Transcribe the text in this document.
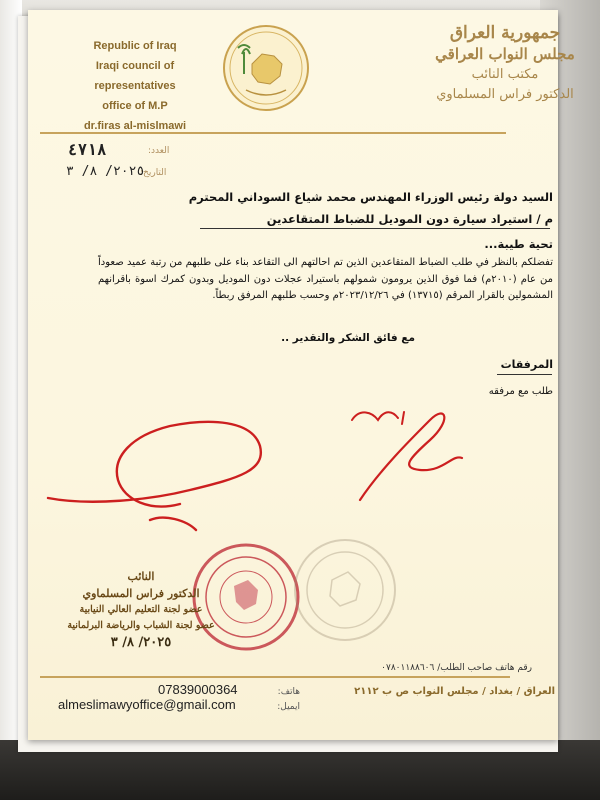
Republic of Iraq
Iraqi council of representatives
office of M.P
dr.firas al-mislmawi
جمهورية العراق
مجلس النواب العراقي
مكتب النائب
الدكتور فراس المسلماوي
العدد:
٤٧١٨
التاريخ:
٢٠٢٥/ ٨/ ٣
السيد دولة رئيس الوزراء المهندس محمد شياع السوداني المحترم
م / استيراد سيارة دون الموديل للضباط المتقاعدين
تحية طيبة...
تفضلكم بالنظر في طلب الضباط المتقاعدين الذين تم احالتهم الى التقاعد بناء على طلبهم من رتبة عميد صعوداً من عام (٢٠١٠م) فما فوق الذين يرومون شمولهم باستيراد عجلات دون الموديل وبدون كمرك اسوة باقرانهم المشمولين بالقرار المرقم (١٣٧١٥) في ٢٠٢٣/١٢/٢٦م وحسب طلبهم المرفق ربطاً.
مع فائق الشكر والتقدير ..
المرفقات
طلب مع مرفقه
النائب
الدكتور فراس المسلماوي
عضو لجنة التعليم العالي النيابية
عضو لجنة الشباب والرياضة البرلمانية
٢٠٢٥/ ٨/ ٣
رقم هاتف صاحب الطلب/ ٠٧٨٠١١٨٨٦٠٦
هاتف:
07839000364
ايميل:
almeslimawyoffice@gmail.com
العراق / بغداد / مجلس النواب ص ب ٢١١٢
